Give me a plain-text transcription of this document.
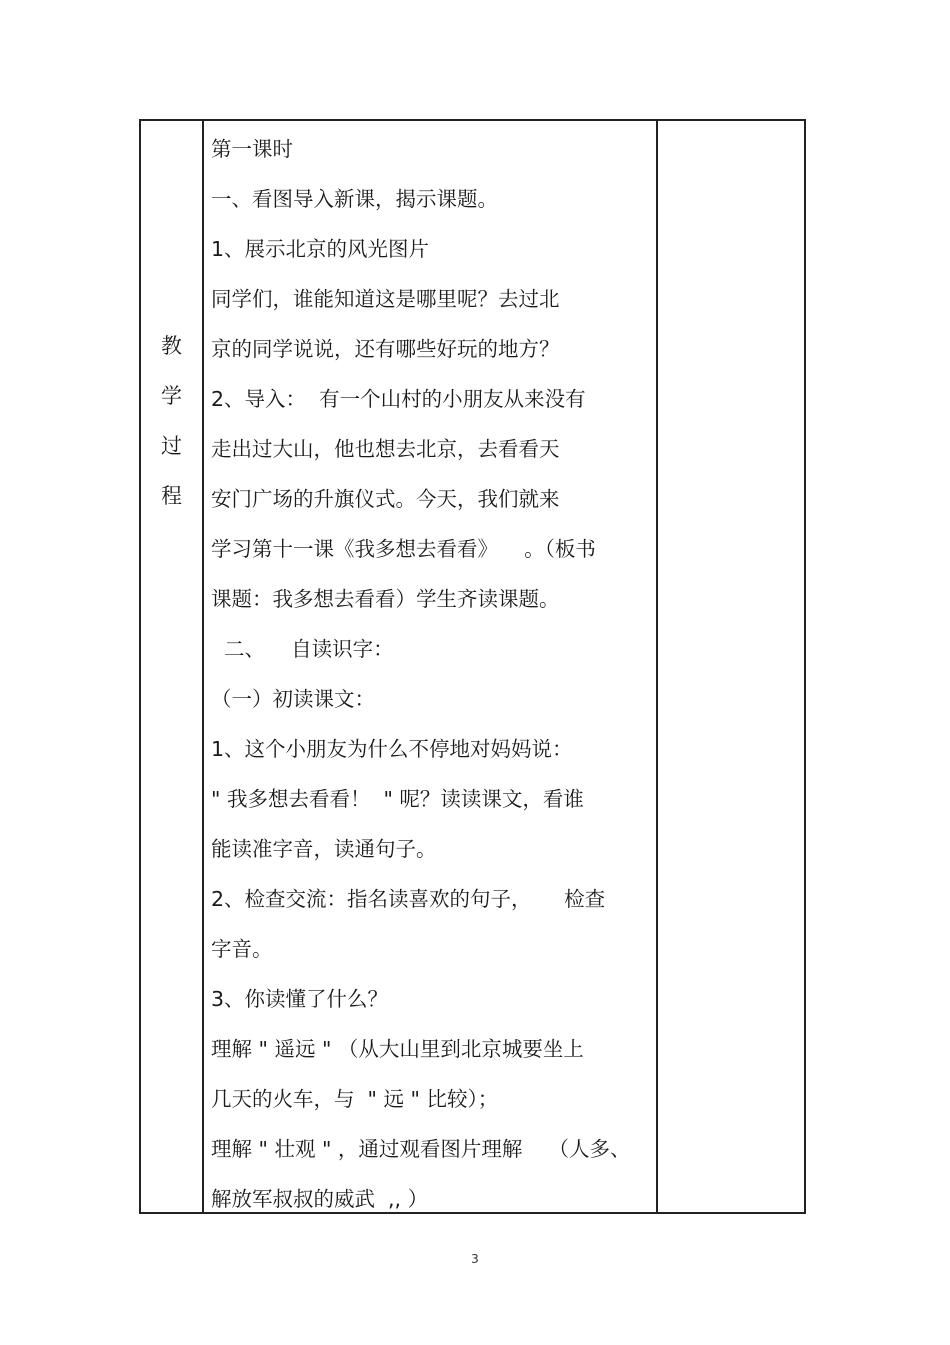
教
学
过
程
第一课时
一、看图导入新课，揭示课题。
1、展示北京的风光图片
同学们，谁能知道这是哪里呢？去过北
京的同学说说，还有哪些好玩的地方？
2、导入：  有一个山村的小朋友从来没有
走出过大山，他也想去北京，去看看天
安门广场的升旗仪式。今天，我们就来
学习第十一课《我多想去看看》    。（板书
课题：我多想去看看）学生齐读课题。
二、    自读识字：
（一）初读课文：
1、这个小朋友为什么不停地对妈妈说：
" 我多想去看看！  " 呢？读读课文，看谁
能读准字音，读通句子。
2、检查交流：指名读喜欢的句子，     检查
字音。
3、你读懂了什么？
理解 " 遥远 " （从大山里到北京城要坐上
几天的火车，与  " 远 " 比较）；
理解 " 壮观 " ，通过观看图片理解    （人多、
解放军叔叔的威武  ,, ）
3
